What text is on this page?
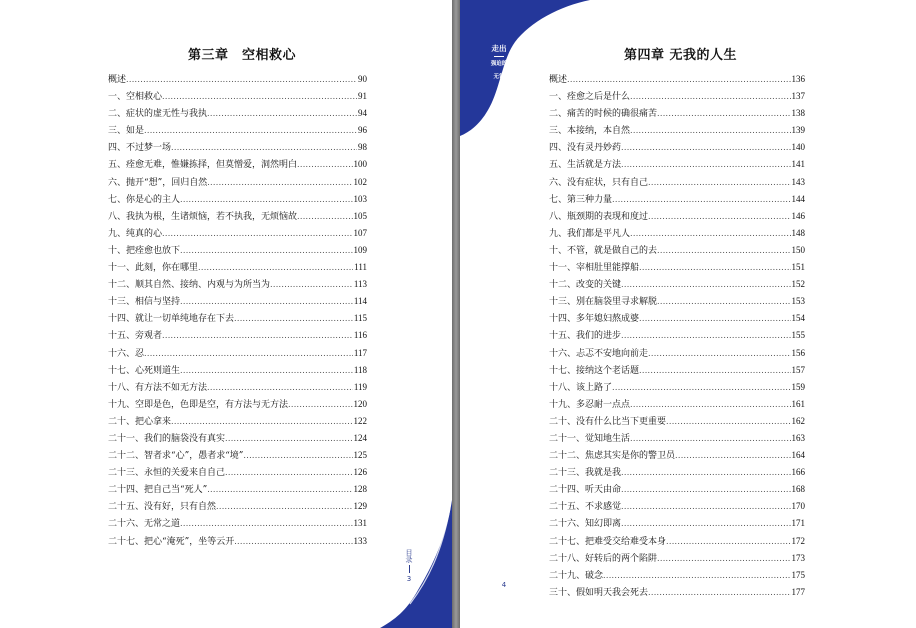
第三章　空相救心
概述 .....	90
一、空相救心 .....	91
二、症状的虚无性与我执 .....	94
三、如是 .....	96
四、不过梦一场 .....	98
五、痊愈无难，惟嫌拣择，但莫憎爱，洞然明白 .....	100
六、抛开“想”，回归自然 .....	102
七、你是心的主人 .....	103
八、我执为根，生诸烦恼，若不执我，无烦恼故 .....	105
九、纯真的心 .....	107
十、把痊愈也放下 .....	109
十一、此刻，你在哪里 .....	111
十二、顺其自然、接纳、内观与为所当为 .....	113
十三、相信与坚持 .....	114
十四、就让一切单纯地存在下去 .....	115
十五、旁观者 .....	116
十六、忍 .....	117
十七、心死则道生 .....	118
十八、有方法不如无方法 .....	119
十九、空即是色，色即是空，有方法与无方法 .....	120
二十、把心拿来 .....	122
二十一、我们的脑袋没有真实 .....	124
二十二、智者求“心”，愚者求“境” .....	125
二十三、永恒的关爱来自自己 .....	126
二十四、把自己当“死人” .....	128
二十五、没有好，只有自然 .....	129
二十六、无常之道 .....	131
二十七、把心“淹死”，坐等云开 .....	133
目录
3
走出
强迫的
无常
第四章 无我的人生
概述 .....	136
一、痊愈之后是什么 .....	137
二、痛苦的时候的确很痛苦 .....	138
三、本接纳，本自然 .....	139
四、没有灵丹妙药 .....	140
五、生活就是方法 .....	141
六、没有症状，只有自己 .....	143
七、第三种力量 .....	144
八、瓶颈期的表现和度过 .....	146
九、我们都是平凡人 .....	148
十、不管，就是做自己的去 .....	150
十一、宰相肚里能撑船 .....	151
十二、改变的关键 .....	152
十三、别在脑袋里寻求解脱 .....	153
十四、多年媳妇熬成婆 .....	154
十五、我们的进步 .....	155
十六、忐忑不安地向前走 .....	156
十七、接纳这个老话题 .....	157
十八、该上路了 .....	159
十九、多忍耐一点点 .....	161
二十、没有什么比当下更重要 .....	162
二十一、觉知地生活 .....	163
二十二、焦虑其实是你的警卫员 .....	164
二十三、我就是我 .....	166
二十四、听天由命 .....	168
二十五、不求感觉 .....	170
二十六、知幻即离 .....	171
二十七、把难受交给难受本身 .....	172
二十八、好转后的两个陷阱 .....	173
二十九、破念 .....	175
三十、假如明天我会死去 .....	177
4
